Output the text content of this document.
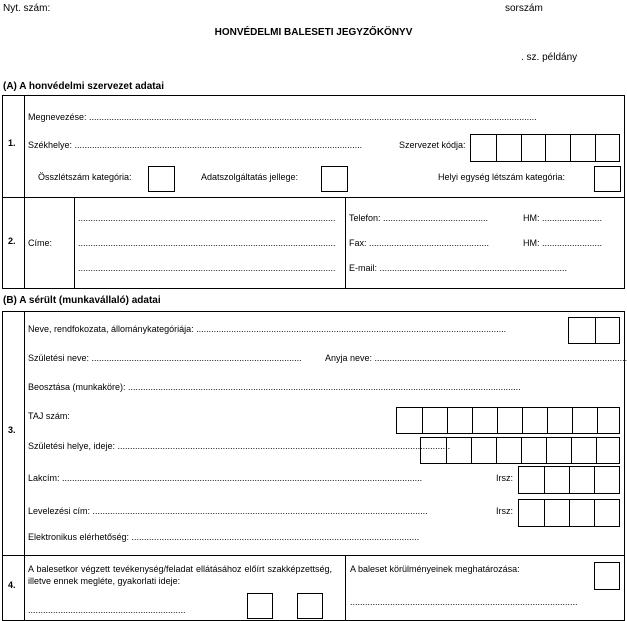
Nyt. szám:	sorszám
HONVÉDELMI BALESETI JEGYZŐKÖNYV
. sz. példány
(A) A honvédelmi szervezet adatai
1.
Megnevezése: ...................................................................................................................................................................................
Székhelye: ...................................................................................................................	Szervezet kódja:
Összlétszám kategória:	Adatszolgáltatás jellege:	Helyi egység létszám kategória:
2. Címe:
.......................................................................................................
.......................................................................................................
.......................................................................................................
Telefon: ..........................................	HM: ........................
Fax: ................................................	HM: ........................
E-mail: ...........................................................................
(B) A sérült (munkavállaló) adatai
3.
Neve, rendfokozata, állománykategóriája: ............................................................................................................................
Születési neve: ....................................................................................	Anyja neve: .....................................................................................................
Beosztása (munkaköre): .............................................................................................................................................................
TAJ szám:
Születési helye, ideje: .....................................................................................................................................
Lakcím: ................................................................................................................................................	Irsz:
Levelezési cím: ......................................................................................................................................	Irsz:
Elektronikus elérhetőség: ...................................................................................................................
4.
A balesetkor végzett tevékenység/feladat ellátásához előírt szakképzettség, illetve ennek megléte, gyakorlati ideje:
...............................................................
A baleset körülményeinek meghatározása:
...........................................................................................
